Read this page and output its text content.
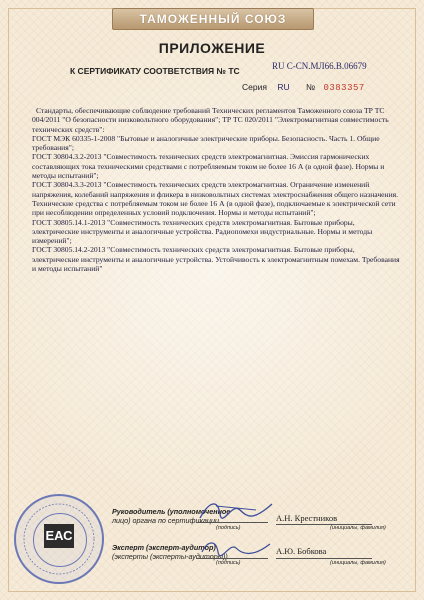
ТАМОЖЕННЫЙ СОЮЗ
ПРИЛОЖЕНИЕ
К СЕРТИФИКАТУ СООТВЕТСТВИЯ № ТС	RU C-CN.МЛ66.В.06679
Серия RU № 0383357

Стандарты, обеспечивающие соблюдение требований Технических регламентов Таможенного союза ТР ТС 004/2011 "О безопасности низковольтного оборудования"; ТР ТС 020/2011 "Электромагнитная совместимость технических средств":

ГОСТ МЭК 60335-1-2008 "Бытовые и аналогичные электрические приборы. Безопасность. Часть 1. Общие требования";

ГОСТ 30804.3.2-2013 "Совместимость технических средств электромагнитная. Эмиссия гармонических составляющих тока техническими средствами с потребляемым током не более 16 А (в одной фазе). Нормы и методы испытаний";

ГОСТ 30804.3.3-2013 "Совместимость технических средств электромагнитная. Ограничение изменений напряжения, колебаний напряжения и фликера в низковольтных системах электроснабжения общего назначения. Технические средства с потребляемым током не более 16 А (в одной фазе), подключаемые к электрической сети при несоблюдении определенных условий подключения. Нормы и методы испытаний";

ГОСТ 30805.14.1-2013 "Совместимость технических средств электромагнитная. Бытовые приборы, электрические инструменты и аналогичные устройства. Радиопомехи индустриальные. Нормы и методы измерений";

ГОСТ 30805.14.2-2013 "Совместимость технических средств электромагнитная. Бытовые приборы, электрические инструменты и аналогичные устройства. Устойчивость к электромагнитным помехам. Требования и методы испытаний"

ЕАС
Руководитель (уполномоченное
лицо) органа по сертификации	А.Н. Крестников
(подпись)	(инициалы, фамилия)
Эксперт (эксперт-аудитор)
(эксперты (эксперты-аудиторы))	А.Ю. Бобкова
(подпись)	(инициалы, фамилия)
